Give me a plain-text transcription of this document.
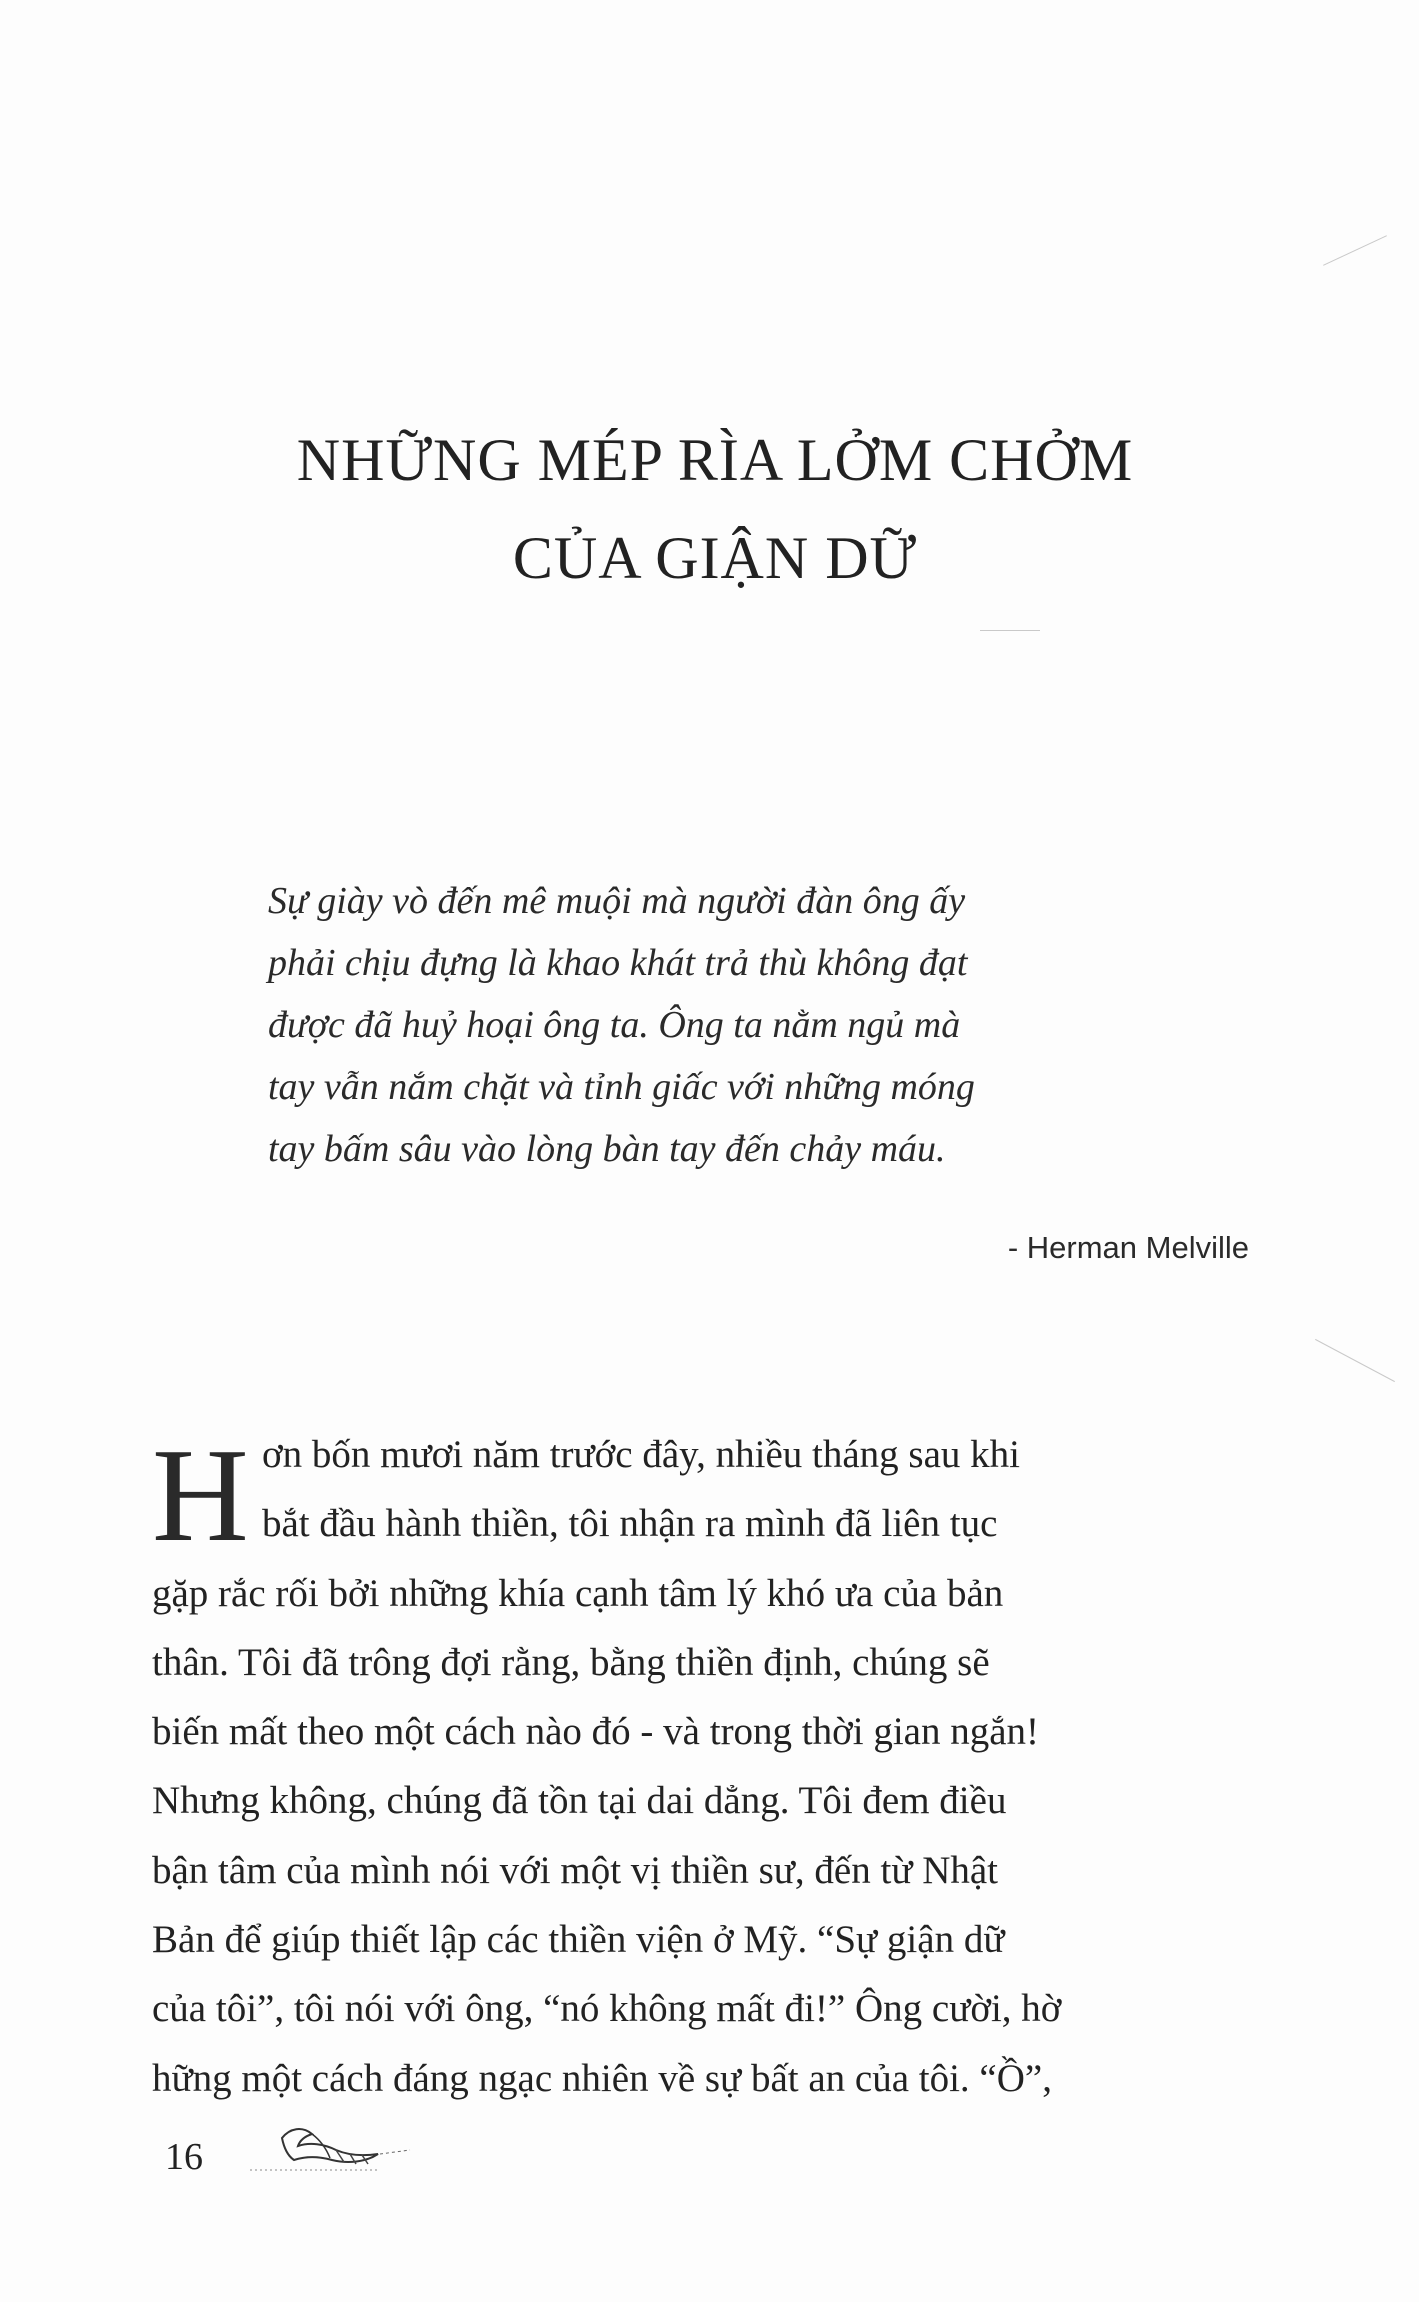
NHỮNG MÉP RÌA LỞM CHỞM
CỦA GIẬN DỮ
Sự giày vò đến mê muội mà người đàn ông ấy
phải chịu đựng là khao khát trả thù không đạt
được đã huỷ hoại ông ta. Ông ta nằm ngủ mà
tay vẫn nắm chặt và tỉnh giấc với những móng
tay bấm sâu vào lòng bàn tay đến chảy máu.
- Herman Melville
H ơn bốn mươi năm trước đây, nhiều tháng sau khi
bắt đầu hành thiền, tôi nhận ra mình đã liên tục
gặp rắc rối bởi những khía cạnh tâm lý khó ưa của bản
thân. Tôi đã trông đợi rằng, bằng thiền định, chúng sẽ
biến mất theo một cách nào đó - và trong thời gian ngắn!
Nhưng không, chúng đã tồn tại dai dẳng. Tôi đem điều
bận tâm của mình nói với một vị thiền sư, đến từ Nhật
Bản để giúp thiết lập các thiền viện ở Mỹ. “Sự giận dữ
của tôi”, tôi nói với ông, “nó không mất đi!” Ông cười, hờ
hững một cách đáng ngạc nhiên về sự bất an của tôi. “Ồ”,
16
